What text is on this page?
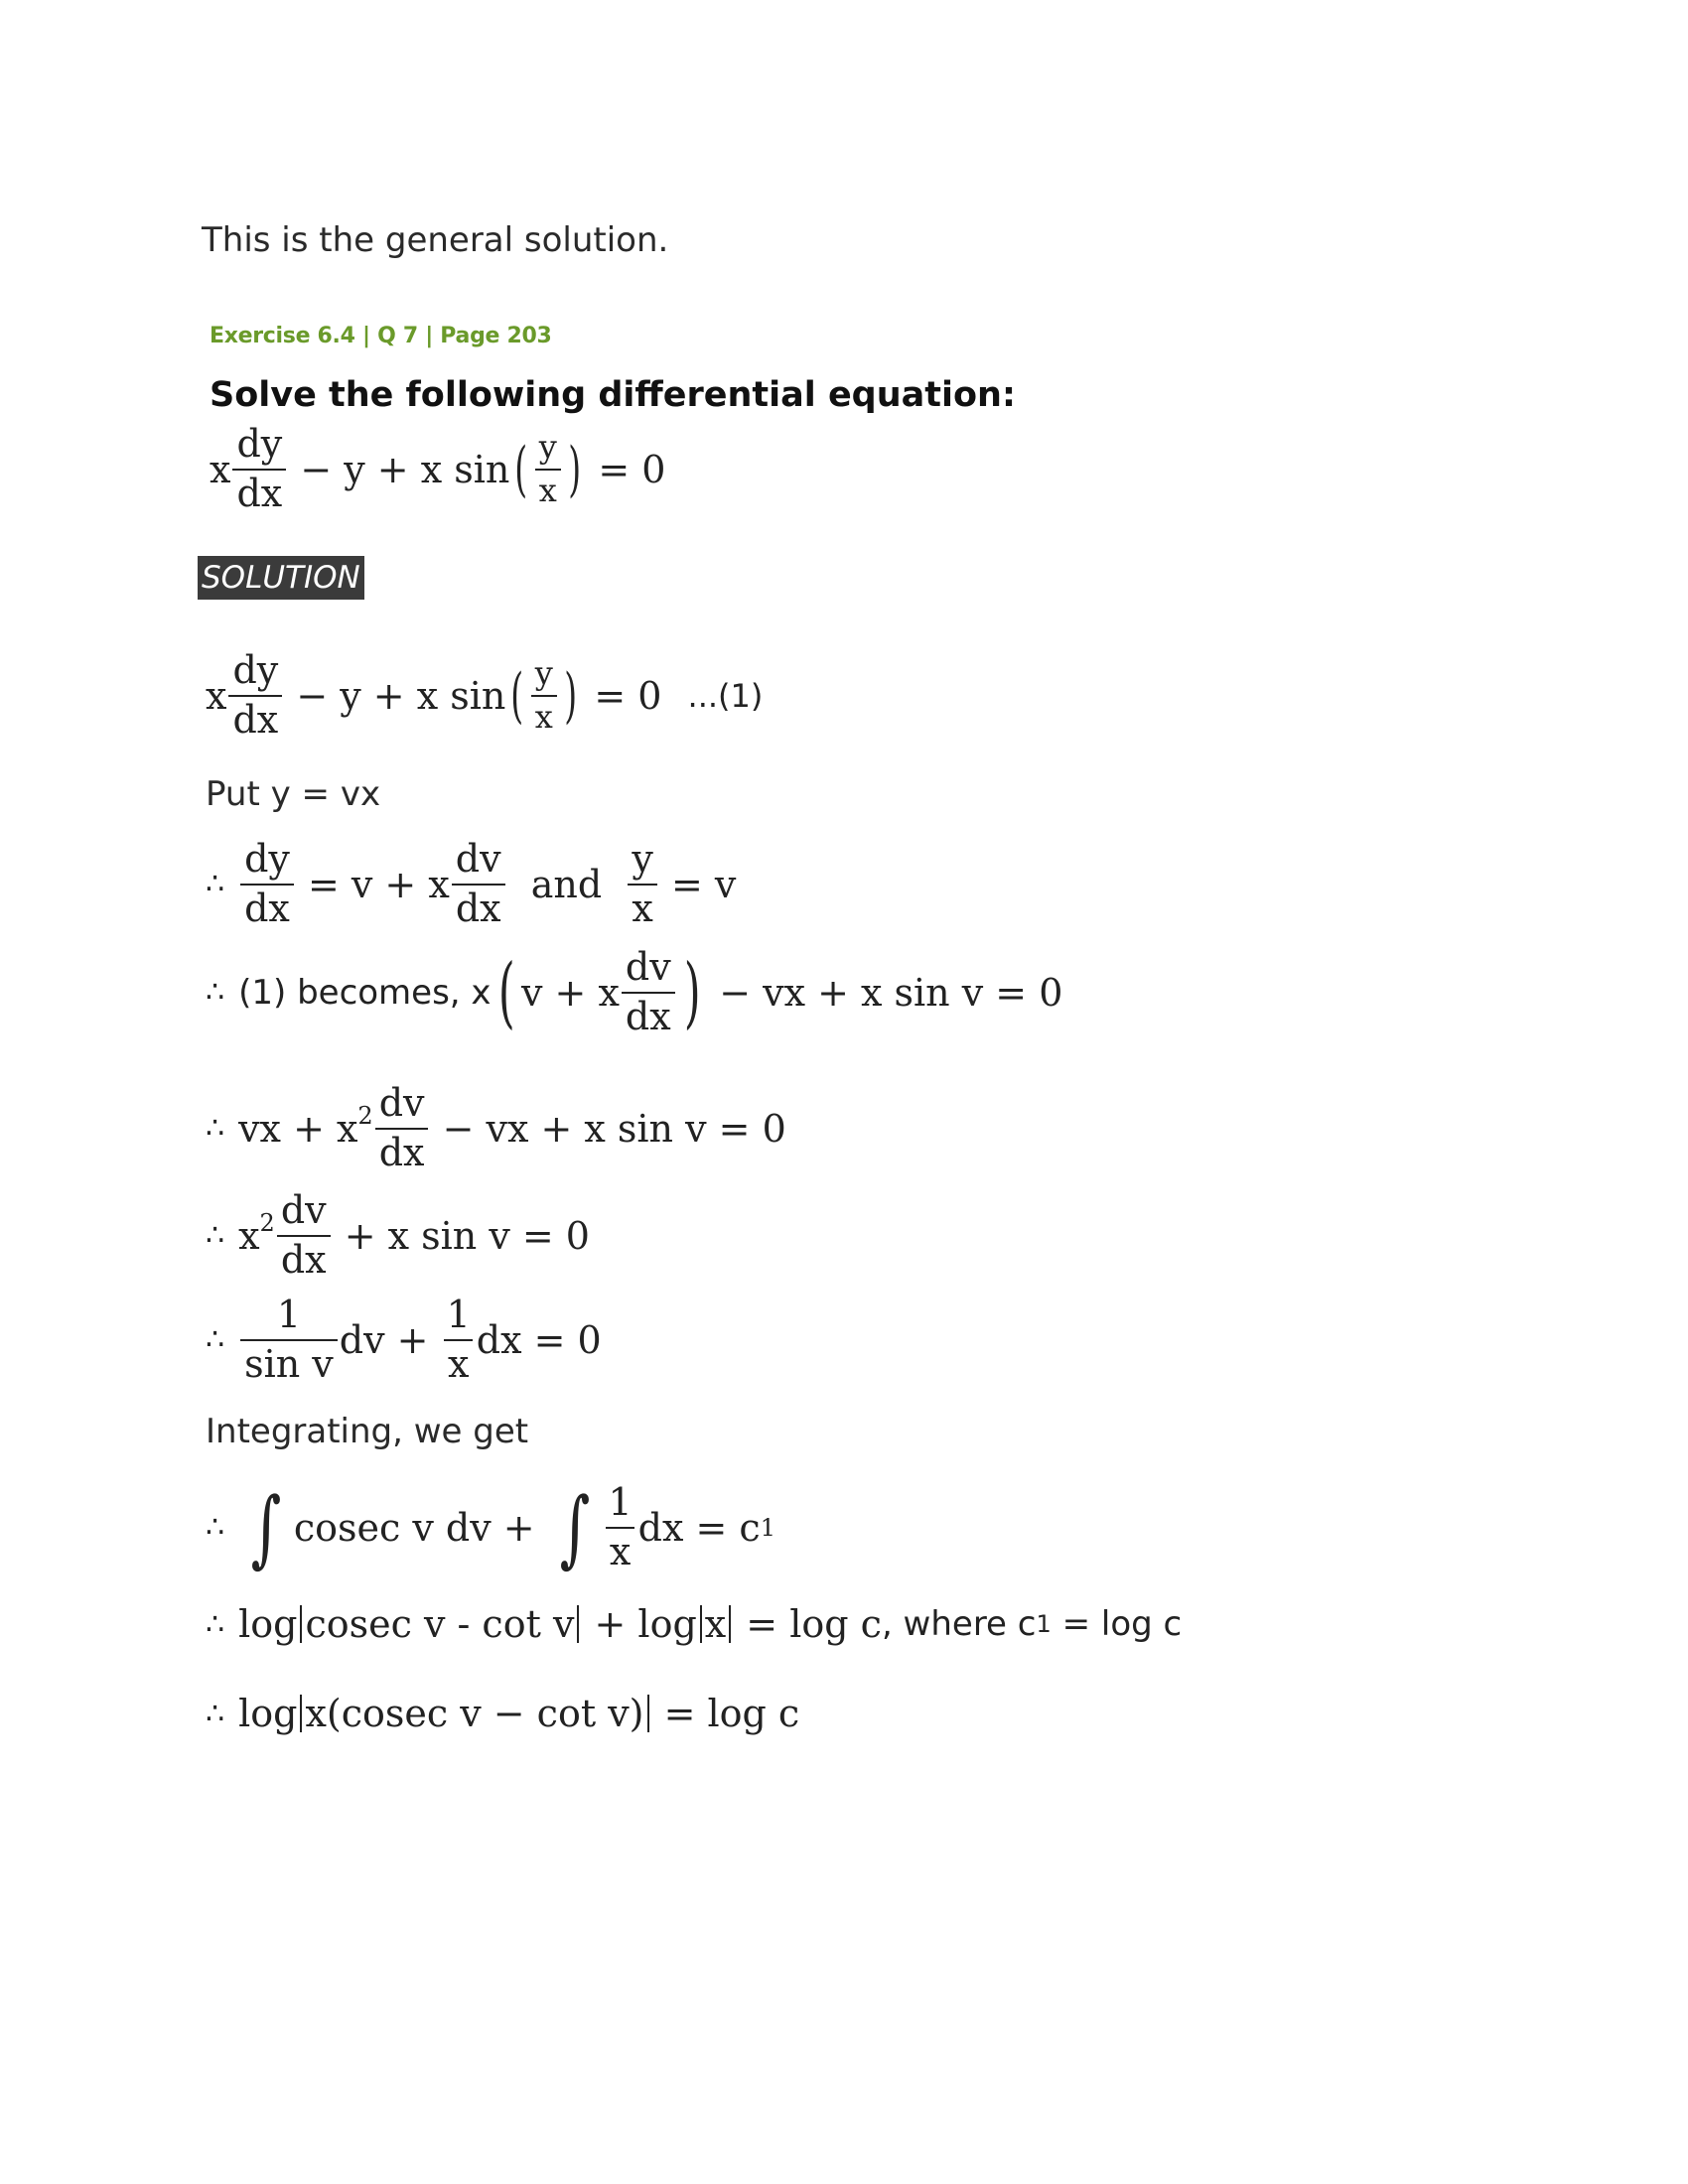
This is the general solution.
Exercise 6.4 | Q 7 | Page 203
Solve the following differential equation:
x $\frac{dy}{dx} - y + x$ sin ( $\frac{y}{x}$ ) = 0
SOLUTION
x $\frac{dy}{dx} - y + x$ sin ( $\frac{y}{x}$ ) = 0 ...(1)
Put y = vx
∴ $\frac{dy}{dx} = v + x \frac{dv}{dx}$
and
$\frac{y}{x} = v$
∴ (1) becomes, x ( v + x $\frac{dv}{dx}$ ) − vx + x sin v = 0
∴ vx + $x^2 \frac{dv}{dx}$ − vx + x sin v = 0
∴ $x^2 \frac{dv}{dx} + x$ sin v = 0
∴ $\frac{1}{\text{sin v}}$ dv + $\frac{1}{x}$ dx = 0
Integrating, we get
∴ ∫ cosec v dv + ∫ $\frac{1}{x}$ dx = c 1
∴ log cosec v - cot v + log x = log c , where c 1 = log c
∴ log x(cosec v − cot v) = log c
